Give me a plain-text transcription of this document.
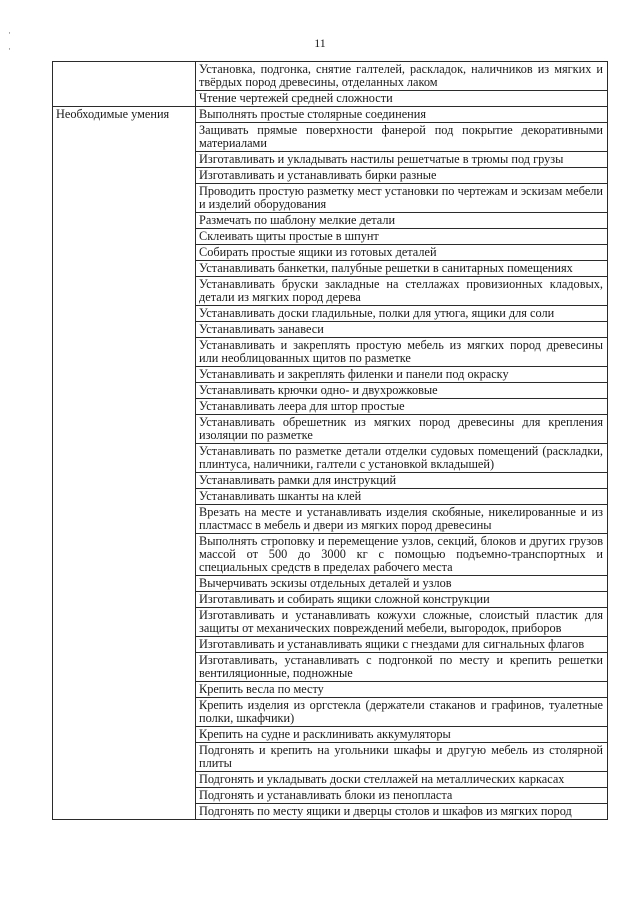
11
·
·
	Установка, подгонка, снятие галтелей, раскладок, наличников из мягких и твёрдых пород древесины, отделанных лаком
	Чтение чертежей средней сложности
Необходимые умения	Выполнять простые столярные соединения
	Защивать прямые поверхности фанерой под покрытие декоративными материалами
	Изготавливать и укладывать настилы решетчатые в трюмы под грузы
	Изготавливать и устанавливать бирки разные
	Проводить простую разметку мест установки по чертежам и эскизам мебели и изделий оборудования
	Размечать по шаблону мелкие детали
	Склеивать щиты простые в шпунт
	Собирать простые ящики из готовых деталей
	Устанавливать банкетки, палубные решетки в санитарных помещениях
	Устанавливать бруски закладные на стеллажах провизионных кладовых, детали из мягких пород дерева
	Устанавливать доски гладильные, полки для утюга, ящики для соли
	Устанавливать занавеси
	Устанавливать и закреплять простую мебель из мягких пород древесины или необлицованных щитов по разметке
	Устанавливать и закреплять филенки и панели под окраску
	Устанавливать крючки одно- и двухрожковые
	Устанавливать леера для штор простые
	Устанавливать обрешетник из мягких пород древесины для крепления изоляции по разметке
	Устанавливать по разметке детали отделки судовых помещений (раскладки, плинтуса, наличники, галтели с установкой вкладышей)
	Устанавливать рамки для инструкций
	Устанавливать шканты на клей
	Врезать на месте и устанавливать изделия скобяные, никелированные и из пластмасс в мебель и двери из мягких пород древесины
	Выполнять строповку и перемещение узлов, секций, блоков и других грузов массой от 500 до 3000 кг с помощью подъемно-транспортных и специальных средств в пределах рабочего места
	Вычерчивать эскизы отдельных деталей и узлов
	Изготавливать и собирать ящики сложной конструкции
	Изготавливать и устанавливать кожухи сложные, слоистый пластик для защиты от механических повреждений мебели, выгородок, приборов
	Изготавливать и устанавливать ящики с гнездами для сигнальных флагов
	Изготавливать, устанавливать с подгонкой по месту и крепить решетки вентиляционные, подножные
	Крепить весла по месту
	Крепить изделия из оргстекла (держатели стаканов и графинов, туалетные полки, шкафчики)
	Крепить на судне и расклинивать аккумуляторы
	Подгонять и крепить на угольники шкафы и другую мебель из столярной плиты
	Подгонять и укладывать доски стеллажей на металлических каркасах
	Подгонять и устанавливать блоки из пенопласта
	Подгонять по месту ящики и дверцы столов и шкафов из мягких пород
